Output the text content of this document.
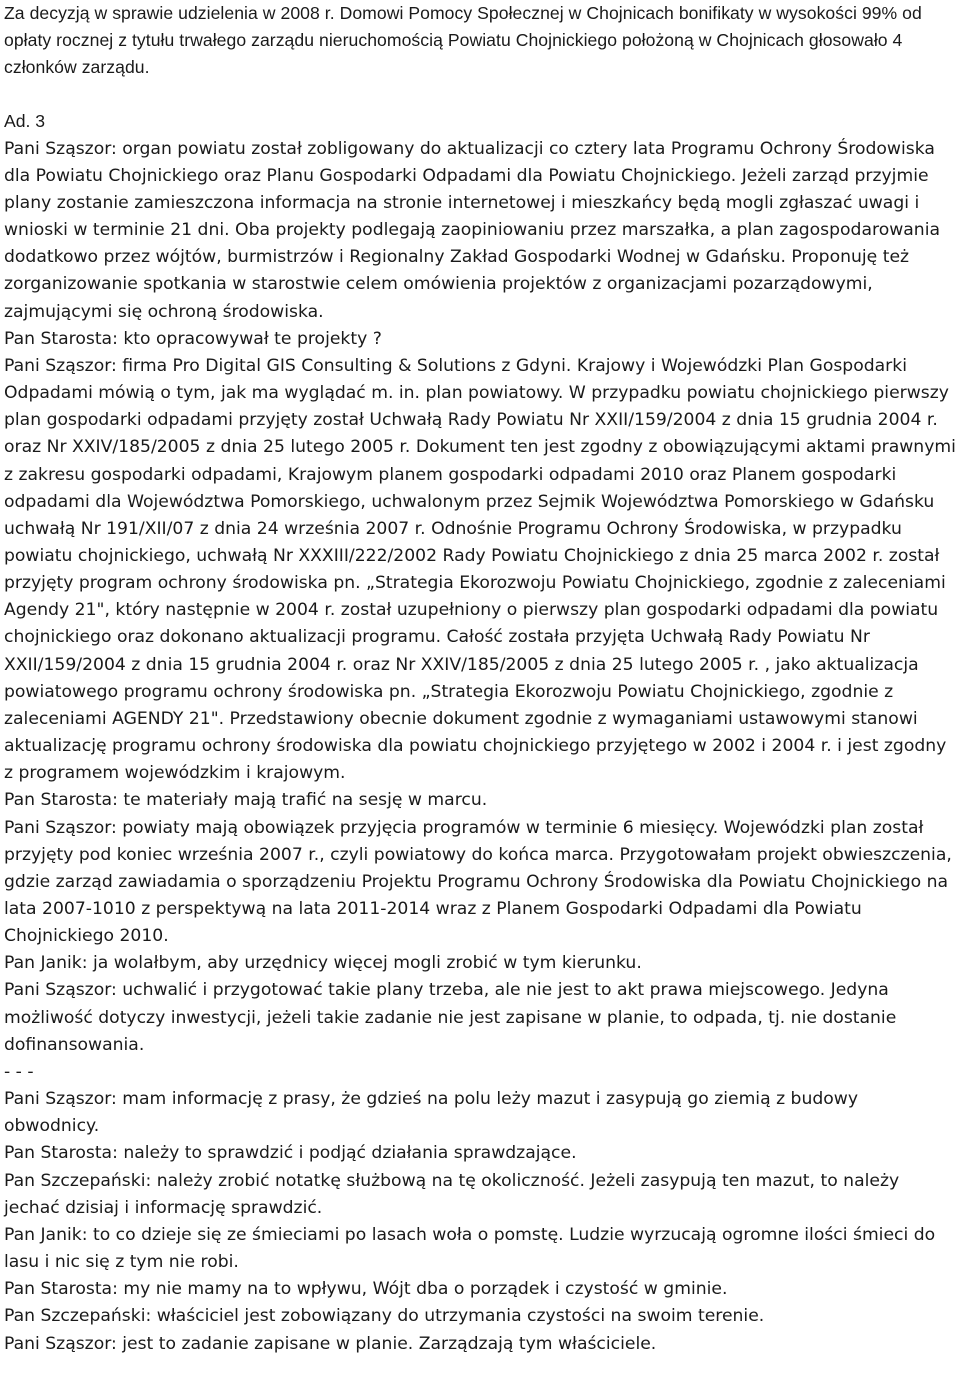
Za decyzją w sprawie udzielenia w 2008 r. Domowi Pomocy Społecznej w Chojnicach bonifikaty w wysokości 99% od opłaty rocznej z tytułu trwałego zarządu nieruchomością Powiatu Chojnickiego położoną w Chojnicach głosowało 4 członków zarządu.

Ad. 3

Pani Sząszor: organ powiatu został zobligowany do aktualizacji co cztery lata Programu Ochrony Środowiska dla Powiatu Chojnickiego oraz Planu Gospodarki Odpadami dla Powiatu Chojnickiego. Jeżeli zarząd przyjmie plany zostanie zamieszczona informacja na stronie internetowej i mieszkańcy będą mogli zgłaszać uwagi i wnioski w terminie 21 dni. Oba projekty podlegają zaopiniowaniu przez marszałka, a plan zagospodarowania dodatkowo przez wójtów, burmistrzów i Regionalny Zakład Gospodarki Wodnej w Gdańsku. Proponuję też zorganizowanie spotkania w starostwie celem omówienia projektów z organizacjami pozarządowymi, zajmującymi się ochroną środowiska.

Pan Starosta: kto opracowywał te projekty ?

Pani Sząszor: firma Pro Digital GIS Consulting & Solutions z Gdyni. Krajowy i Wojewódzki Plan Gospodarki Odpadami mówią o tym, jak ma wyglądać m. in. plan powiatowy. W przypadku powiatu chojnickiego pierwszy plan gospodarki odpadami przyjęty został Uchwałą Rady Powiatu Nr XXII/159/2004 z dnia 15 grudnia 2004 r. oraz Nr XXIV/185/2005 z dnia 25 lutego 2005 r. Dokument ten jest zgodny z obowiązującymi aktami prawnymi z zakresu gospodarki odpadami, Krajowym planem gospodarki odpadami 2010 oraz Planem gospodarki odpadami dla Województwa Pomorskiego, uchwalonym przez Sejmik Województwa Pomorskiego w Gdańsku uchwałą Nr 191/XII/07 z dnia 24 września 2007 r. Odnośnie Programu Ochrony Środowiska, w przypadku powiatu chojnickiego, uchwałą Nr XXXIII/222/2002 Rady Powiatu Chojnickiego z dnia 25 marca 2002 r. został przyjęty program ochrony środowiska pn. „Strategia Ekorozwoju Powiatu Chojnickiego, zgodnie z zaleceniami Agendy 21", który następnie w 2004 r. został uzupełniony o pierwszy plan gospodarki odpadami dla powiatu chojnickiego oraz dokonano aktualizacji programu. Całość została przyjęta Uchwałą Rady Powiatu Nr XXII/159/2004 z dnia 15 grudnia 2004 r. oraz Nr XXIV/185/2005 z dnia 25 lutego 2005 r. , jako aktualizacja powiatowego programu ochrony środowiska pn. „Strategia Ekorozwoju Powiatu Chojnickiego, zgodnie z zaleceniami AGENDY 21". Przedstawiony obecnie dokument zgodnie z wymaganiami ustawowymi stanowi aktualizację programu ochrony środowiska dla powiatu chojnickiego przyjętego w 2002 i 2004 r. i jest zgodny z programem wojewódzkim i krajowym.

Pan Starosta: te materiały mają trafić na sesję w marcu.

Pani Sząszor: powiaty mają obowiązek przyjęcia programów w terminie 6 miesięcy. Wojewódzki plan został przyjęty pod koniec września 2007 r., czyli powiatowy do końca marca. Przygotowałam projekt obwieszczenia, gdzie zarząd zawiadamia o sporządzeniu Projektu Programu Ochrony Środowiska dla Powiatu Chojnickiego na lata 2007-1010 z perspektywą na lata 2011-2014 wraz z Planem Gospodarki Odpadami dla Powiatu Chojnickiego 2010.

Pan Janik: ja wolałbym, aby urzędnicy więcej mogli zrobić w tym kierunku.

Pani Sząszor: uchwalić i przygotować takie plany trzeba, ale nie jest to akt prawa miejscowego. Jedyna możliwość dotyczy inwestycji, jeżeli takie zadanie nie jest zapisane w planie, to odpada, tj. nie dostanie dofinansowania.

- - -

Pani Sząszor: mam informację z prasy, że gdzieś na polu leży mazut i zasypują go ziemią z budowy obwodnicy.

Pan Starosta: należy to sprawdzić i podjąć działania sprawdzające.

Pan Szczepański: należy zrobić notatkę służbową na tę okoliczność. Jeżeli zasypują ten mazut, to należy jechać dzisiaj i informację sprawdzić.

Pan Janik: to co dzieje się ze śmieciami po lasach woła o pomstę. Ludzie wyrzucają ogromne ilości śmieci do lasu i nic się z tym nie robi.

Pan Starosta: my nie mamy na to wpływu, Wójt dba o porządek i czystość w gminie.

Pan Szczepański: właściciel jest zobowiązany do utrzymania czystości na swoim terenie.

Pani Sząszor: jest to zadanie zapisane w planie. Zarządzają tym właściciele.
